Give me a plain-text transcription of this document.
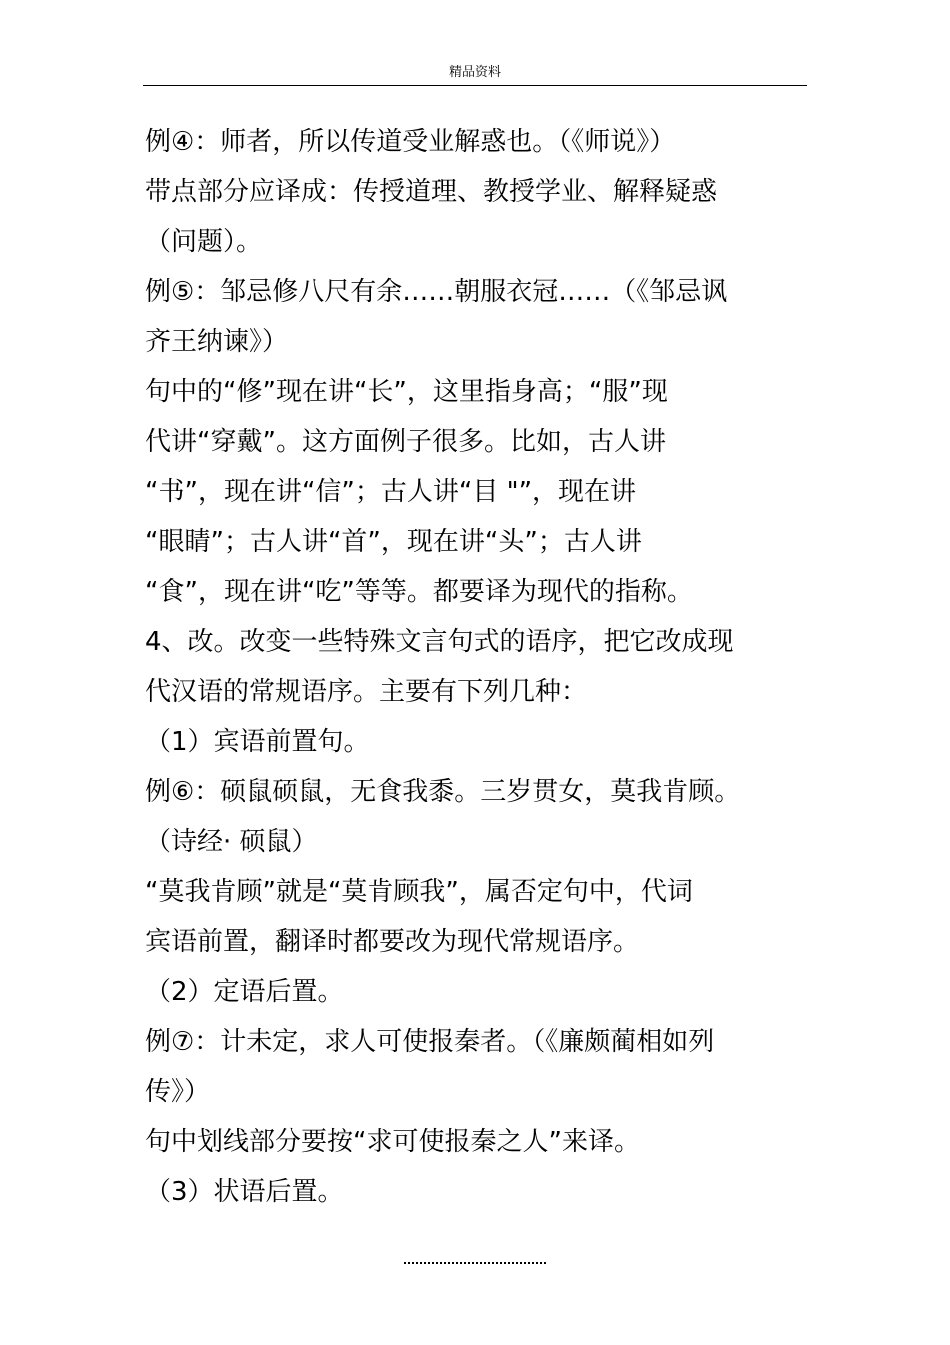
精品资料
例④：师者，所以传道受业解惑也。（《师说》）
带点部分应译成：传授道理、教授学业、解释疑惑
（问题）。
例⑤：邹忌修八尺有余……朝服衣冠……（《邹忌讽
齐王纳谏》）
句中的“修”现在讲“长”，这里指身高；“服”现
代讲“穿戴”。这方面例子很多。比如，古人讲
“书”，现在讲“信”；古人讲“目 "”，现在讲
“眼睛”；古人讲“首”，现在讲“头”；古人讲
“食”，现在讲“吃”等等。都要译为现代的指称。
4、改。改变一些特殊文言句式的语序，把它改成现
代汉语的常规语序。主要有下列几种：
（1）宾语前置句。
例⑥：硕鼠硕鼠，无食我黍。三岁贯女，莫我肯顾。
（诗经· 硕鼠）
“莫我肯顾”就是“莫肯顾我”，属否定句中，代词
宾语前置，翻译时都要改为现代常规语序。
（2）定语后置。
例⑦：计未定，求人可使报秦者。（《廉颇蔺相如列
传》）
句中划线部分要按“求可使报秦之人”来译。
（3）状语后置。
